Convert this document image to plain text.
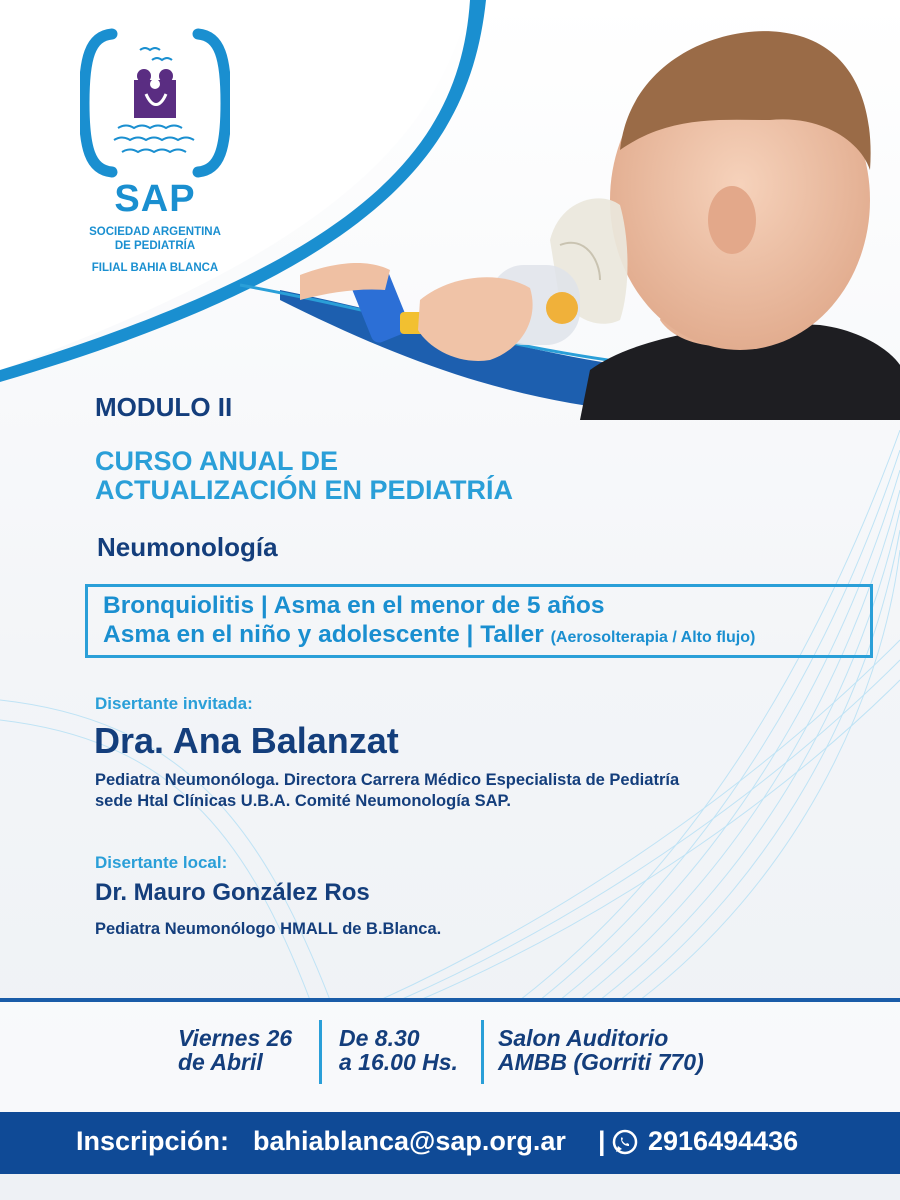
SAP
SOCIEDAD ARGENTINA
DE PEDIATRÍA
FILIAL BAHIA BLANCA
MODULO II
CURSO ANUAL DE
ACTUALIZACIÓN EN PEDIATRÍA
Neumonología
Bronquiolitis | Asma en el menor de 5 años
Asma en el niño y adolescente | Taller (Aerosolterapia / Alto flujo)
Disertante invitada:
Dra. Ana Balanzat
Pediatra Neumonóloga. Directora Carrera Médico Especialista de Pediatría
sede Htal Clínicas U.B.A. Comité Neumonología SAP.
Disertante local:
Dr. Mauro González Ros
Pediatra Neumonólogo HMALL de B.Blanca.
Viernes 26
de Abril
De 8.30
a 16.00 Hs.
Salon Auditorio
AMBB (Gorriti 770)
Inscripción: bahiablanca@sap.org.ar | 2916494436
